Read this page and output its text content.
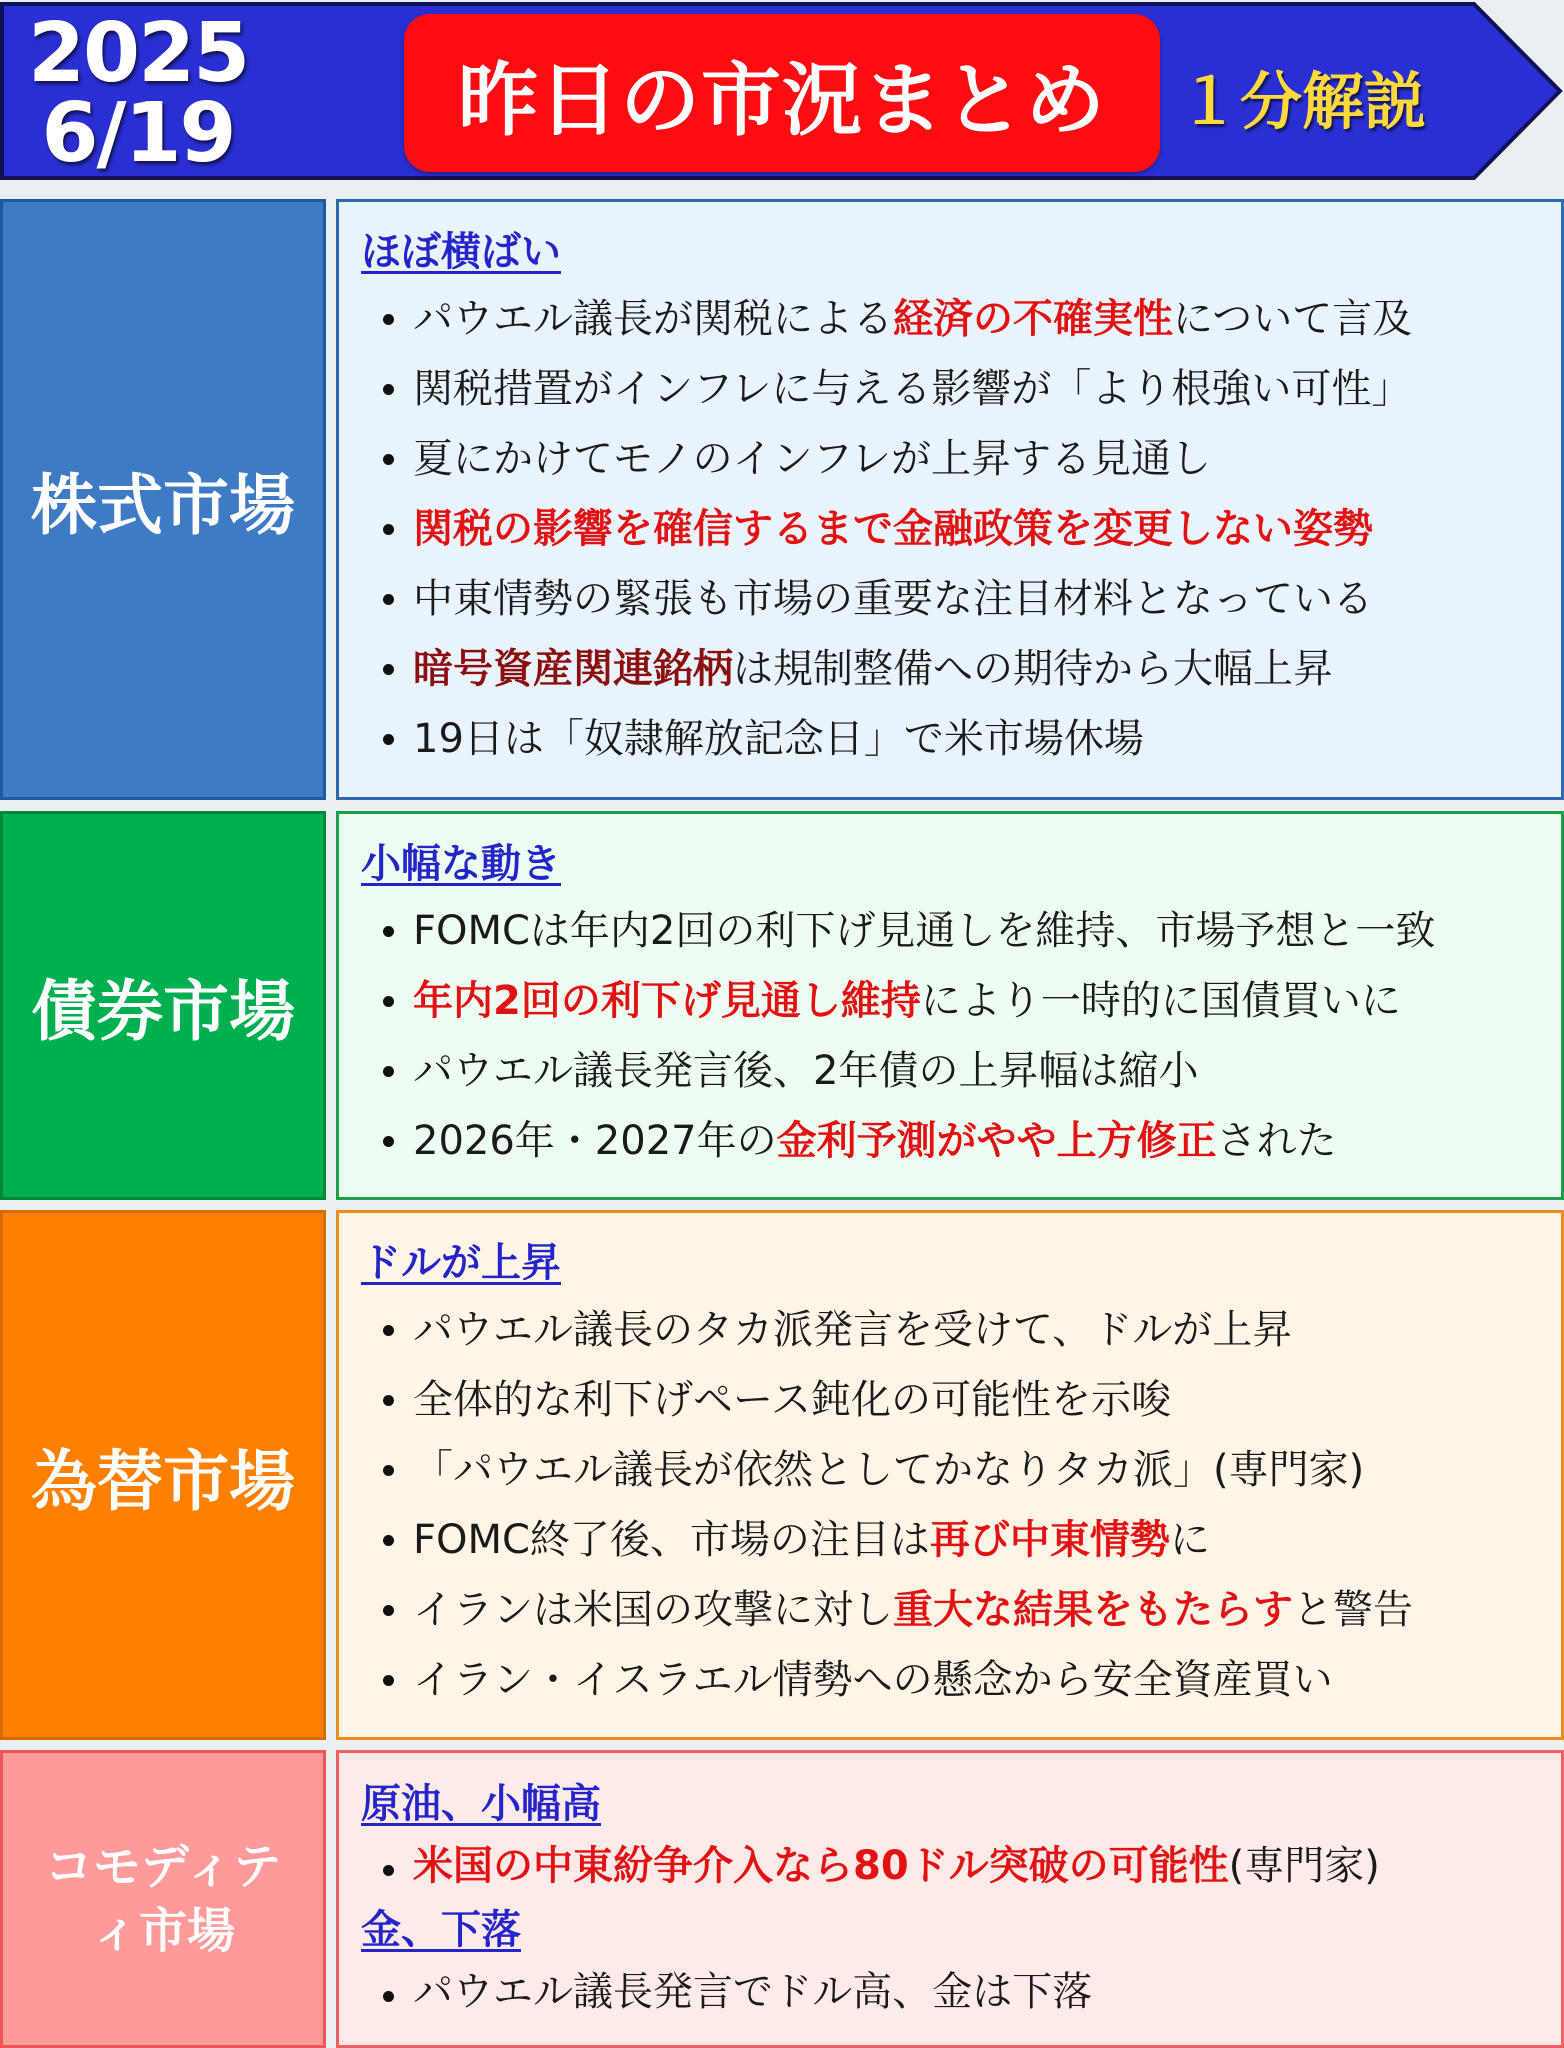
2025
6/19	昨日の市況まとめ １分解説
株式市場
ほぼ横ばい
パウエル議長が関税による経済の不確実性について言及
関税措置がインフレに与える影響が「より根強い可性」
夏にかけてモノのインフレが上昇する見通し
関税の影響を確信するまで金融政策を変更しない姿勢
中東情勢の緊張も市場の重要な注目材料となっている
暗号資産関連銘柄は規制整備への期待から大幅上昇
19日は「奴隷解放記念日」で米市場休場
債券市場
小幅な動き
FOMCは年内2回の利下げ見通しを維持、市場予想と一致
年内2回の利下げ見通し維持により一時的に国債買いに
パウエル議長発言後、2年債の上昇幅は縮小
2026年・2027年の金利予測がやや上方修正された
為替市場
ドルが上昇
パウエル議長のタカ派発言を受けて、ドルが上昇
全体的な利下げペース鈍化の可能性を示唆
「パウエル議長が依然としてかなりタカ派」(専門家)
FOMC終了後、市場の注目は再び中東情勢に
イランは米国の攻撃に対し重大な結果をもたらすと警告
イラン・イスラエル情勢への懸念から安全資産買い
コモディテ
ィ市場
原油、小幅高
米国の中東紛争介入なら80ドル突破の可能性(専門家)
金、下落
パウエル議長発言でドル高、金は下落
